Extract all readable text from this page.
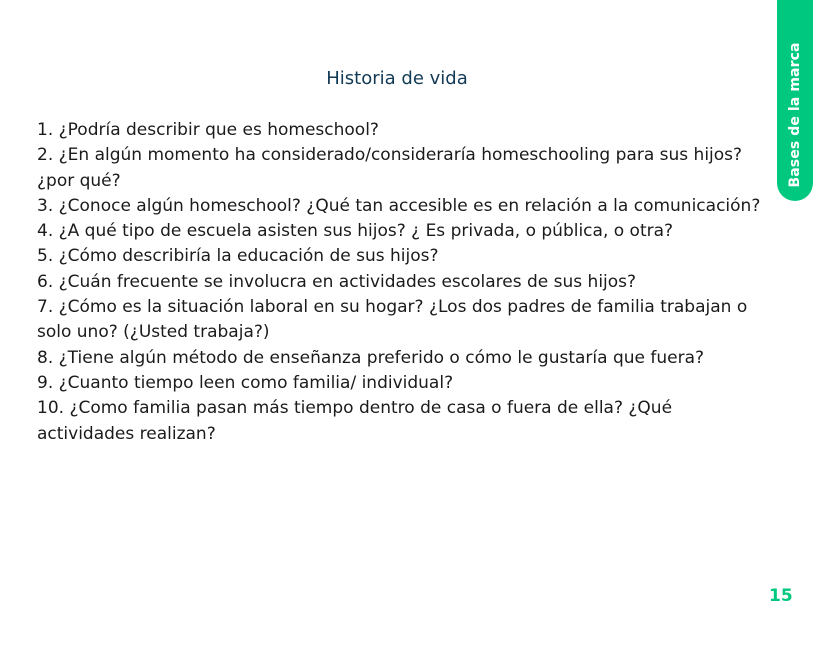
Bases de la marca
Historia de vida
1. ¿Podría describir que es homeschool?
2. ¿En algún momento ha considerado/consideraría homeschooling para sus hijos? ¿por qué?
3. ¿Conoce algún homeschool? ¿Qué tan accesible es en relación a la comunicación?
4. ¿A qué tipo de escuela asisten sus hijos? ¿ Es privada, o pública, o otra?
5. ¿Cómo describiría la educación de sus hijos?
6. ¿Cuán frecuente se involucra en actividades escolares de sus hijos?
7. ¿Cómo es la situación laboral en su hogar? ¿Los dos padres de familia trabajan o solo uno? (¿Usted trabaja?)
8. ¿Tiene algún método de enseñanza preferido o cómo le gustaría que fuera?
9. ¿Cuanto tiempo leen como familia/ individual?
10. ¿Como familia pasan más tiempo dentro de casa o fuera de ella? ¿Qué actividades realizan?
15
